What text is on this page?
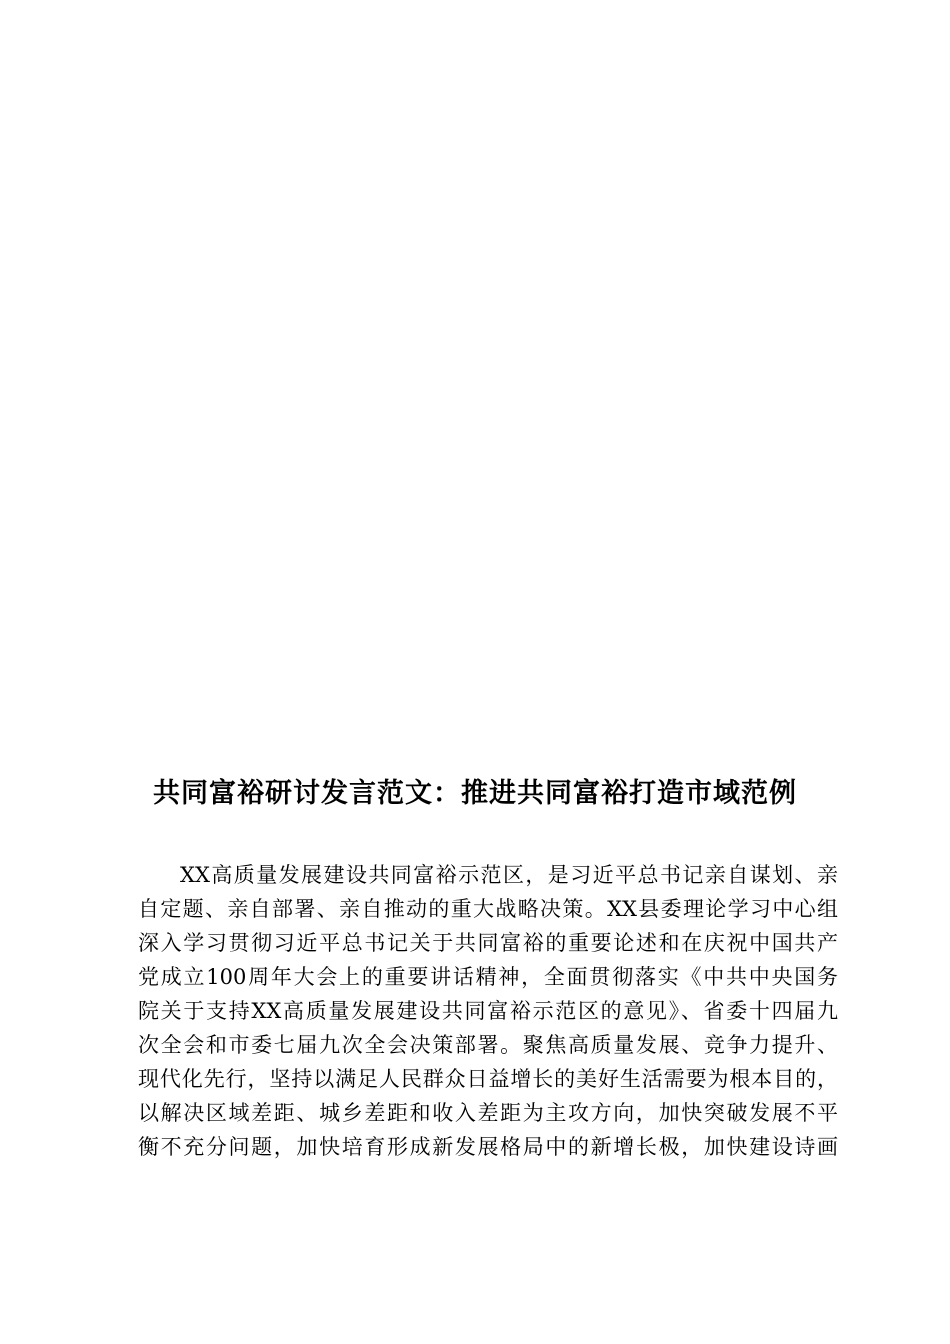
共同富裕研讨发言范文：推进共同富裕打造市域范例
XX高质量发展建设共同富裕示范区，是习近平总书记亲自谋划、亲
自定题、亲自部署、亲自推动的重大战略决策。XX县委理论学习中心组
深入学习贯彻习近平总书记关于共同富裕的重要论述和在庆祝中国共产
党成立100周年大会上的重要讲话精神，全面贯彻落实《中共中央国务
院关于支持XX高质量发展建设共同富裕示范区的意见》、省委十四届九
次全会和市委七届九次全会决策部署。聚焦高质量发展、竞争力提升、
现代化先行，坚持以满足人民群众日益增长的美好生活需要为根本目的，
以解决区域差距、城乡差距和收入差距为主攻方向，加快突破发展不平
衡不充分问题，加快培育形成新发展格局中的新增长极，加快建设诗画
